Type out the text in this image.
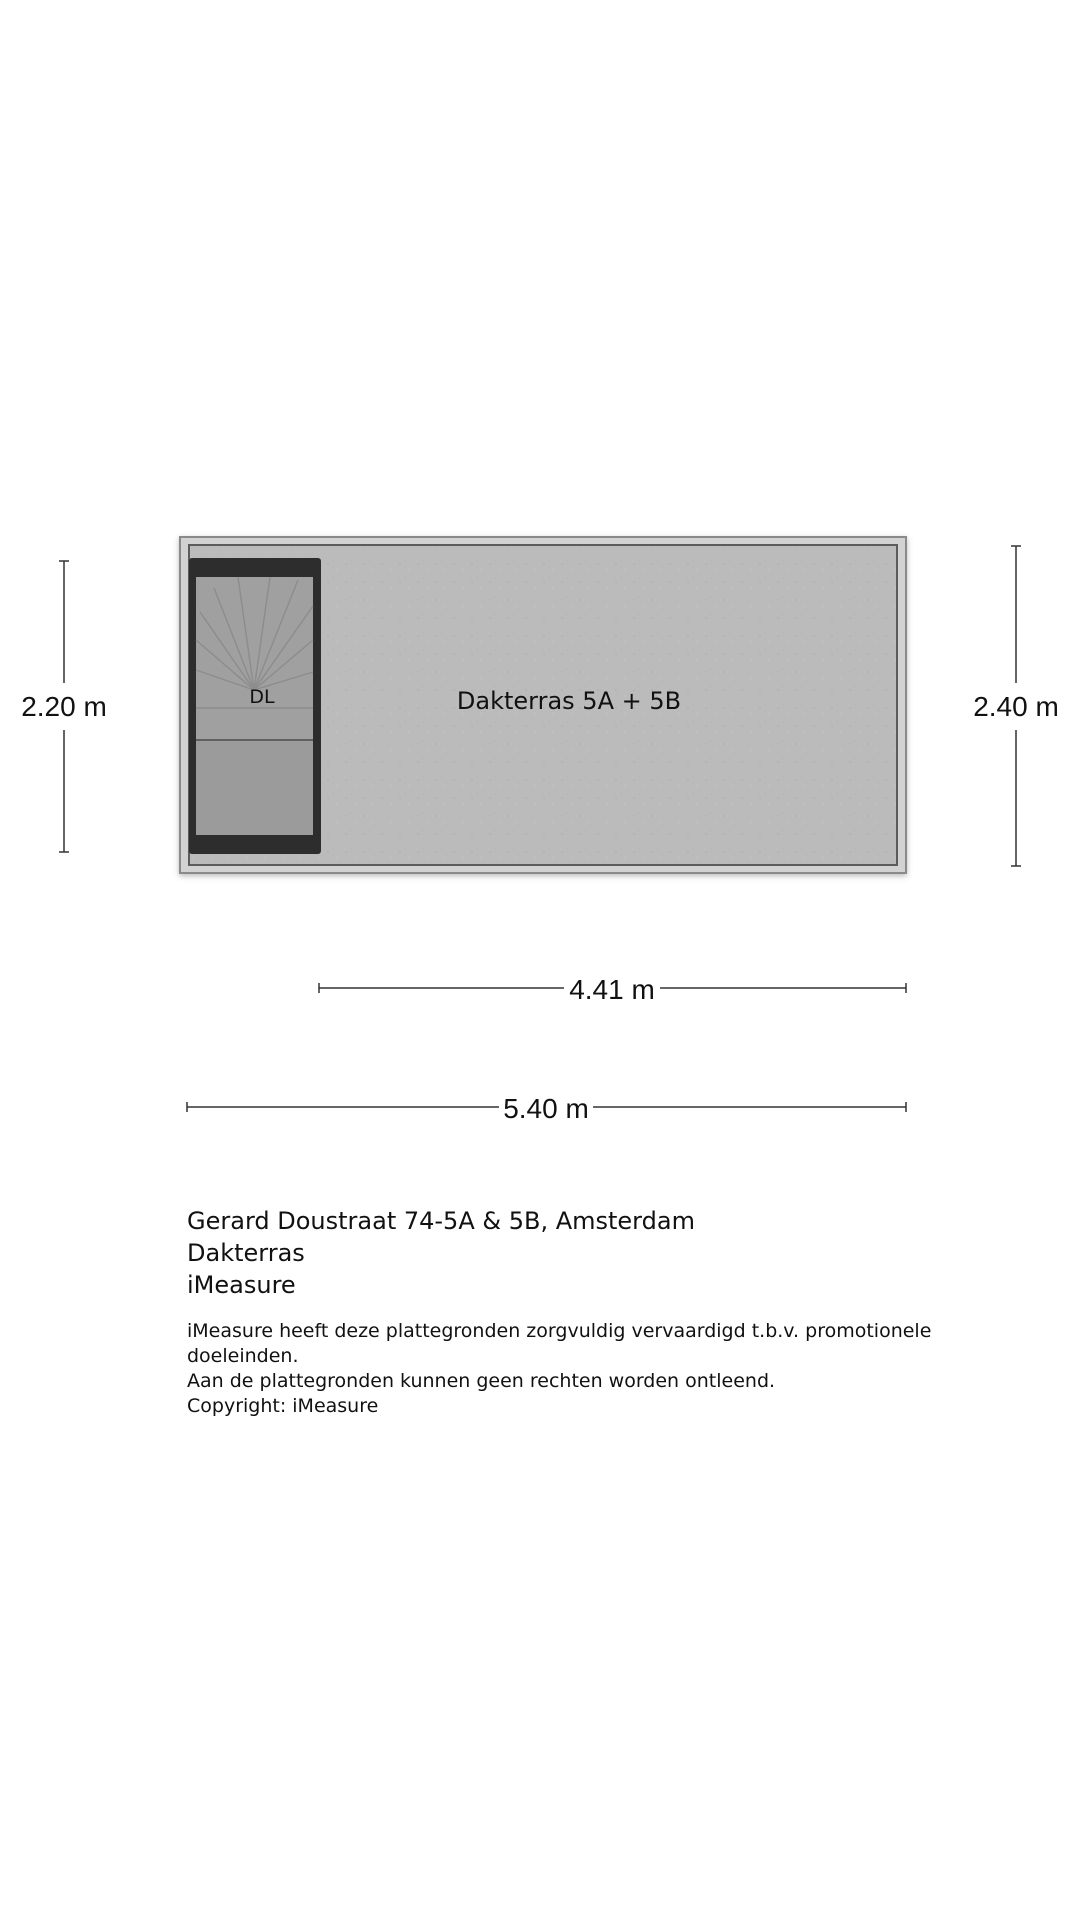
Dakterras 5A + 5B
DL
2.20 m	2.40 m
4.41 m
5.40 m
Gerard Doustraat 74-5A & 5B, Amsterdam
Dakterras
iMeasure
iMeasure heeft deze plattegronden zorgvuldig vervaardigd t.b.v. promotionele doeleinden.
Aan de plattegronden kunnen geen rechten worden ontleend.
Copyright: iMeasure
